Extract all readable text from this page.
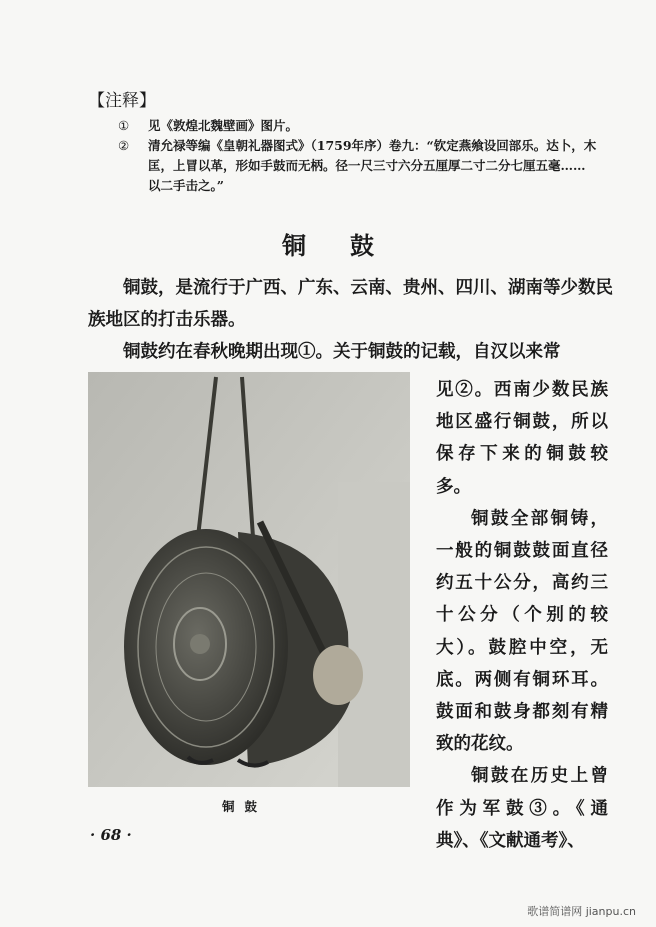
【注释】
① 见《敦煌北魏壁画》图片。
② 清允禄等编《皇朝礼器图式》（1759年序）卷九：“钦定燕飨设回部乐。达卜，木
匡，上冒以革，形如手鼓而无柄。径一尺三寸六分五厘厚二寸二分七厘五毫……
以二手击之。”
铜鼓
铜鼓，是流行于广西、广东、云南、贵州、四川、湖南等少数民族地区的打击乐器。
铜鼓约在春秋晚期出现①。关于铜鼓的记载，自汉以来常
铜鼓
见②。西南少数民族地区盛行铜鼓，所以保存下来的铜鼓较多。
铜鼓全部铜铸，一般的铜鼓鼓面直径约五十公分，高约三十公分（个别的较大）。鼓腔中空，无底。两侧有铜环耳。鼓面和鼓身都刻有精致的花纹。
铜鼓在历史上曾作为军鼓③。《通典》、《文献通考》、
· 68 ·
歌谱简谱网 jianpu.cn
